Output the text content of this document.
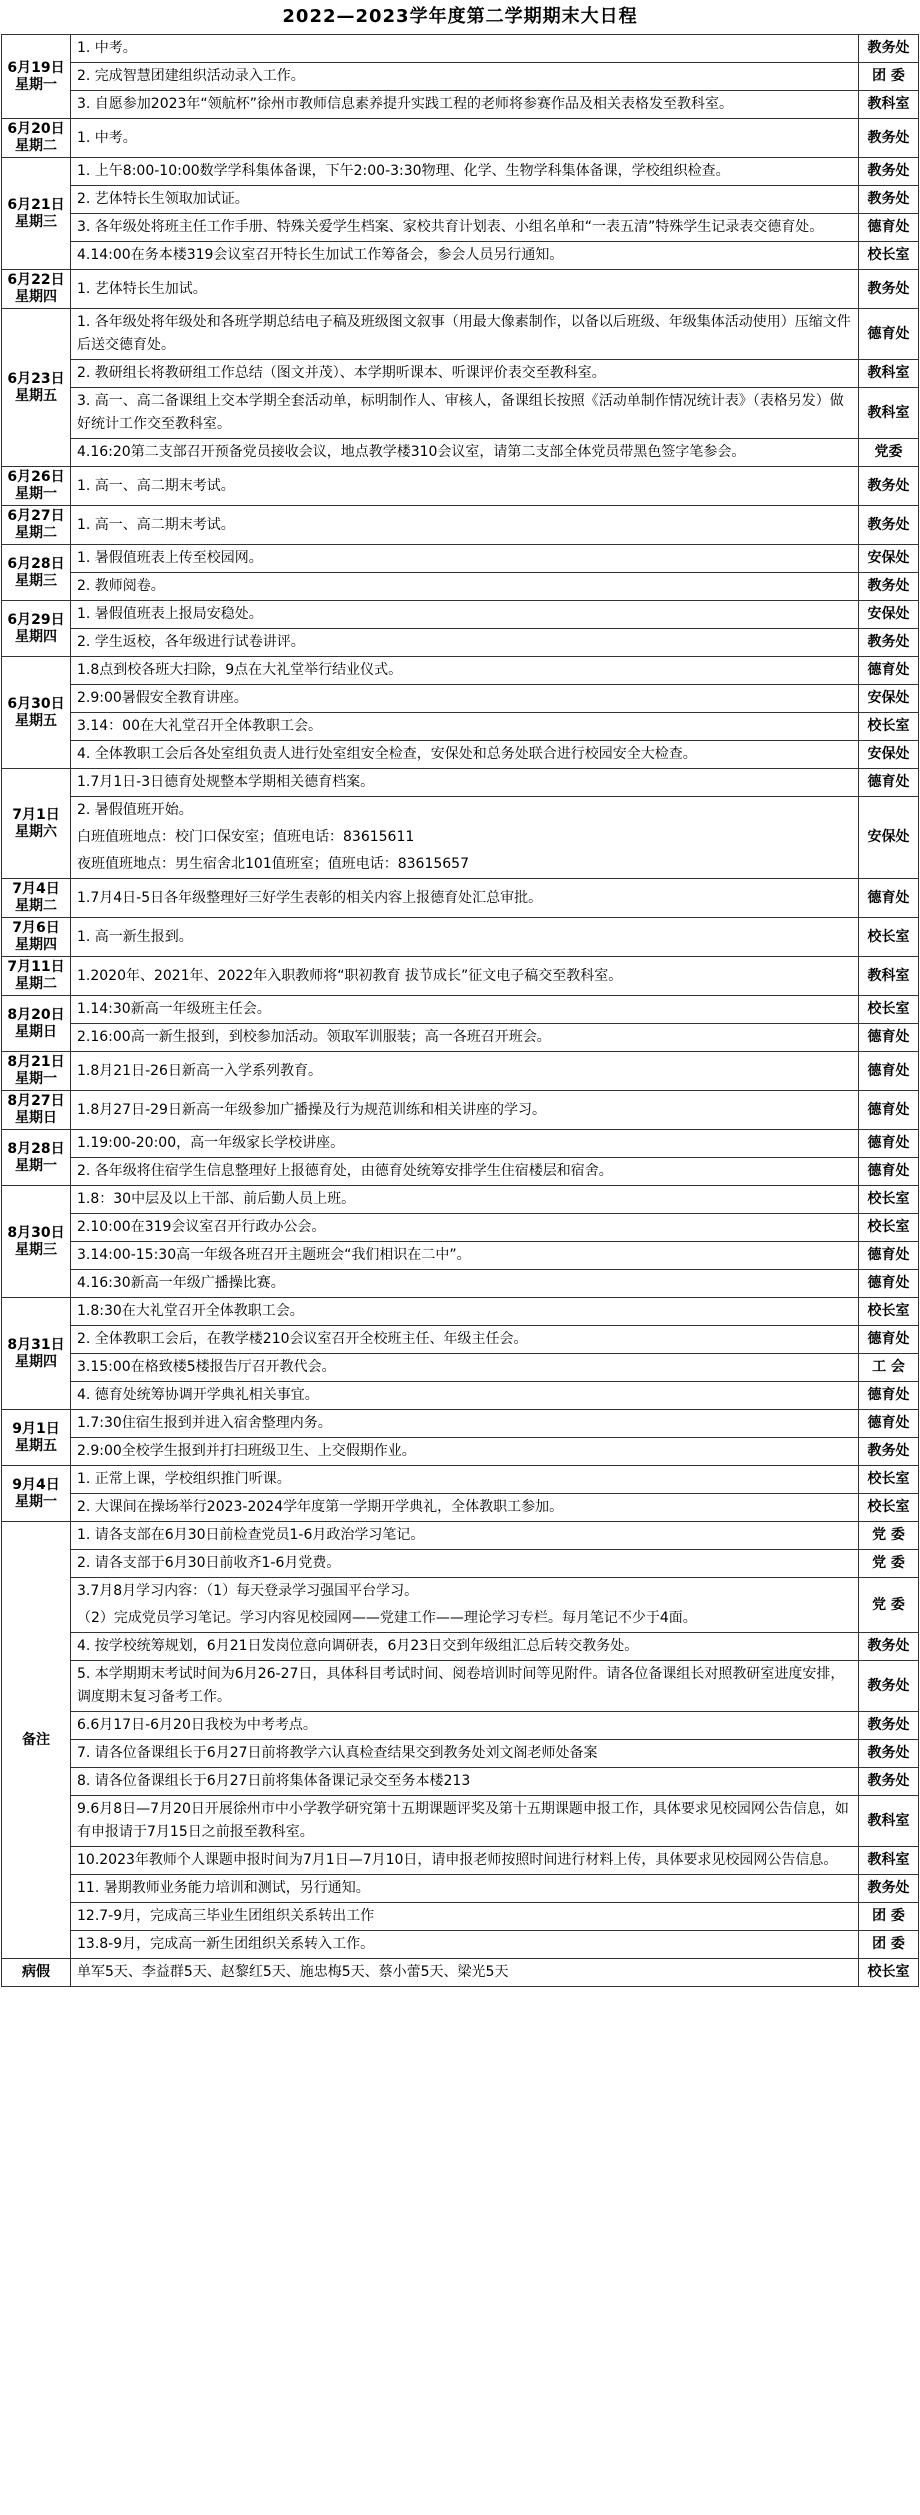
2022—2023学年度第二学期期末大日程
6月19日
星期一	1. 中考。	教务处
	2. 完成智慧团建组织活动录入工作。	团 委
	3. 自愿参加2023年“领航杯”徐州市教师信息素养提升实践工程的老师将参赛作品及相关表格发至教科室。	教科室

6月20日
星期二	1. 中考。	教务处

6月21日
星期三	1. 上午8:00-10:00数学学科集体备课，下午2:00-3:30物理、化学、生物学科集体备课，学校组织检查。	教务处
	2. 艺体特长生领取加试证。	教务处
	3. 各年级处将班主任工作手册、特殊关爱学生档案、家校共育计划表、小组名单和“一表五清”特殊学生记录表交德育处。	德育处
	4.14:00在务本楼319会议室召开特长生加试工作筹备会，参会人员另行通知。	校长室

6月22日
星期四	1. 艺体特长生加试。	教务处

6月23日
星期五	1. 各年级处将年级处和各班学期总结电子稿及班级图文叙事（用最大像素制作，以备以后班级、年级集体活动使用）压缩文件后送交德育处。	德育处
	2. 教研组长将教研组工作总结（图文并茂）、本学期听课本、听课评价表交至教科室。	教科室
	3. 高一、高二备课组上交本学期全套活动单，标明制作人、审核人，备课组长按照《活动单制作情况统计表》（表格另发）做好统计工作交至教科室。	教科室
	4.16:20第二支部召开预备党员接收会议，地点教学楼310会议室，请第二支部全体党员带黑色签字笔参会。	党委

6月26日
星期一	1. 高一、高二期末考试。	教务处

6月27日
星期二	1. 高一、高二期末考试。	教务处

6月28日
星期三	1. 暑假值班表上传至校园网。	安保处
	2. 教师阅卷。	教务处

6月29日
星期四	1. 暑假值班表上报局安稳处。	安保处
	2. 学生返校，各年级进行试卷讲评。	教务处

6月30日
星期五	1.8点到校各班大扫除，9点在大礼堂举行结业仪式。	德育处
	2.9:00暑假安全教育讲座。	安保处
	3.14：00在大礼堂召开全体教职工会。	校长室
	4. 全体教职工会后各处室组负责人进行处室组安全检查，安保处和总务处联合进行校园安全大检查。	安保处

7月1日
星期六	1.7月1日-3日德育处规整本学期相关德育档案。	德育处
	2. 暑假值班开始。	安保处
	白班值班地点：校门口保安室；值班电话：83615611	
	夜班值班地点：男生宿舍北101值班室；值班电话：83615657	

7月4日
星期二	1.7月4日-5日各年级整理好三好学生表彰的相关内容上报德育处汇总审批。	德育处

7月6日
星期四	1. 高一新生报到。	校长室

7月11日
星期二	1.2020年、2021年、2022年入职教师将“职初教育 拔节成长”征文电子稿交至教科室。	教科室

8月20日
星期日	1.14:30新高一年级班主任会。	校长室
	2.16:00高一新生报到，到校参加活动。领取军训服装；高一各班召开班会。	德育处

8月21日
星期一	1.8月21日-26日新高一入学系列教育。	德育处

8月27日
星期日	1.8月27日-29日新高一年级参加广播操及行为规范训练和相关讲座的学习。	德育处

8月28日
星期一	1.19:00-20:00，高一年级家长学校讲座。	德育处
	2. 各年级将住宿学生信息整理好上报德育处，由德育处统筹安排学生住宿楼层和宿舍。	德育处

8月30日
星期三	1.8：30中层及以上干部、前后勤人员上班。	校长室
	2.10:00在319会议室召开行政办公会。	校长室
	3.14:00-15:30高一年级各班召开主题班会“我们相识在二中”。	德育处
	4.16:30新高一年级广播操比赛。	德育处

8月31日
星期四	1.8:30在大礼堂召开全体教职工会。	校长室
	2. 全体教职工会后，在教学楼210会议室召开全校班主任、年级主任会。	德育处
	3.15:00在格致楼5楼报告厅召开教代会。	工 会
	4. 德育处统筹协调开学典礼相关事宜。	德育处

9月1日
星期五	1.7:30住宿生报到并进入宿舍整理内务。	德育处
	2.9:00全校学生报到并打扫班级卫生、上交假期作业。	教务处

9月4日
星期一	1. 正常上课，学校组织推门听课。	校长室
	2. 大课间在操场举行2023-2024学年度第一学期开学典礼，全体教职工参加。	校长室

备注	1. 请各支部在6月30日前检查党员1-6月政治学习笔记。	党 委
	2. 请各支部于6月30日前收齐1-6月党费。	党 委
	3.7月8月学习内容：（1）每天登录学习强国平台学习。	党 委
	（2）完成党员学习笔记。学习内容见校园网——党建工作——理论学习专栏。每月笔记不少于4面。	
	4. 按学校统筹规划，6月21日发岗位意向调研表，6月23日交到年级组汇总后转交教务处。	教务处
	5. 本学期期末考试时间为6月26-27日，具体科目考试时间、阅卷培训时间等见附件。请各位备课组长对照教研室进度安排，调度期末复习备考工作。	教务处
	6.6月17日-6月20日我校为中考考点。	教务处
	7. 请各位备课组长于6月27日前将教学六认真检查结果交到教务处刘文阁老师处备案	教务处
	8. 请各位备课组长于6月27日前将集体备课记录交至务本楼213	教务处
	9.6月8日—7月20日开展徐州市中小学教学研究第十五期课题评奖及第十五期课题申报工作，具体要求见校园网公告信息，如有申报请于7月15日之前报至教科室。	教科室
	10.2023年教师个人课题申报时间为7月1日—7月10日，请申报老师按照时间进行材料上传，具体要求见校园网公告信息。	教科室
	11. 暑期教师业务能力培训和测试，另行通知。	教务处
	12.7-9月，完成高三毕业生团组织关系转出工作	团 委
	13.8-9月，完成高一新生团组织关系转入工作。	团 委

病假	单军5天、李益群5天、赵黎红5天、施忠梅5天、蔡小蕾5天、梁光5天	校长室
